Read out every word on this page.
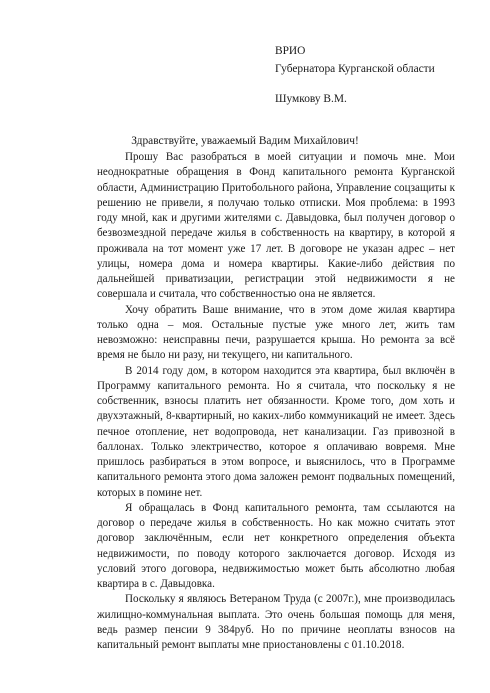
ВРИО
Губернатора Курганской области
Шумкову В.М.
Здравствуйте, уважаемый Вадим Михайлович!

Прошу Вас разобраться в моей ситуации и помочь мне. Мои неоднократные обращения в Фонд капитального ремонта Курганской области, Администрацию Притобольного района, Управление соцзащиты к решению не привели, я получаю только отписки. Моя проблема: в 1993 году мной, как и другими жителями с. Давыдовка, был получен договор о безвозмездной передаче жилья в собственность на квартиру, в которой я проживала на тот момент уже 17 лет. В договоре не указан адрес – нет улицы, номера дома и номера квартиры. Какие-либо действия по дальнейшей приватизации, регистрации этой недвижимости я не совершала и считала, что собственностью она не является.

Хочу обратить Ваше внимание, что в этом доме жилая квартира только одна – моя. Остальные пустые уже много лет, жить там невозможно: неисправны печи, разрушается крыша. Но ремонта за всё время не было ни разу, ни текущего, ни капитального.

В 2014 году дом, в котором находится эта квартира, был включён в Программу капитального ремонта. Но я считала, что поскольку я не собственник, взносы платить нет обязанности. Кроме того, дом хоть и двухэтажный, 8-квартирный, но каких-либо коммуникаций не имеет. Здесь печное отопление, нет водопровода, нет канализации. Газ привозной в баллонах. Только электричество, которое я оплачиваю вовремя. Мне пришлось разбираться в этом вопросе, и выяснилось, что в Программе капитального ремонта этого дома заложен ремонт подвальных помещений, которых в помине нет.

Я обращалась в Фонд капитального ремонта, там ссылаются на договор о передаче жилья в собственность. Но как можно считать этот договор заключённым, если нет конкретного определения объекта недвижимости, по поводу которого заключается договор. Исходя из условий этого договора, недвижимостью может быть абсолютно любая квартира в с. Давыдовка.

Поскольку я являюсь Ветераном Труда (с 2007г.), мне производилась жилищно-коммунальная выплата. Это очень большая помощь для меня, ведь размер пенсии 9 384руб. Но по причине неоплаты взносов на капитальный ремонт выплаты мне приостановлены с 01.10.2018.
